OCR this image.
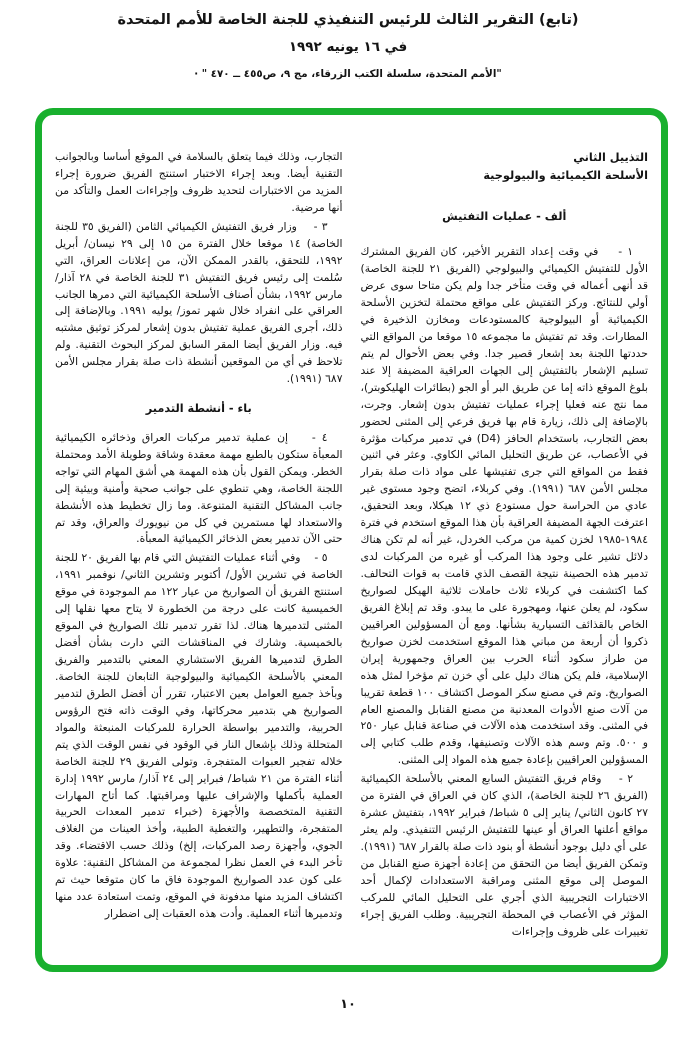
(تابع) التقرير الثالث للرئيس التنفيذي للجنة الخاصة للأمم المتحدة

في ١٦ يونيه ١٩٩٢

"الأمم المتحدة، سلسلة الكتب الزرقاء، مج ٩، ص٤٥٥ ــ ٤٧٠ " ·

التذييل الثاني

الأسلحة الكيميائية والبيولوجية

ألف - عمليات التفتيش

١ -    في وقت إعداد التقرير الأخير، كان الفريق المشترك الأول للتفتيش الكيميائي والبيولوجي (الفريق ٢١ للجنة الخاصة) قد أنهى أعماله في وقت متأخر جدا ولم يكن متاحا سوى عرض أولي للنتائج. وركز التفتيش على مواقع محتملة لتخزين الأسلحة الكيميائية أو البيولوجية كالمستودعات ومخازن الذخيرة في المطارات. وقد تم تفتيش ما مجموعه ١٥ موقعا من المواقع التي حددتها اللجنة بعد إشعار قصير جدا. وفي بعض الأحوال لم يتم تسليم الإشعار بالتفتيش إلى الجهات العراقية المضيفة إلا عند بلوغ الموقع ذاته إما عن طريق البر أو الجو (بطائرات الهليكوبتر)، مما نتج عنه فعليا إجراء عمليات تفتيش بدون إشعار. وجرت، بالإضافة إلى ذلك، زيارة قام بها فريق فرعي إلى المثنى لحضور بعض التجارب، باستخدام الحافز (D4) في تدمير مركبات مؤثرة في الأعصاب، عن طريق التحليل المائي الكاوي. وعثر في اثنين فقط من المواقع التي جرى تفتيشها على مواد ذات صلة بقرار مجلس الأمن ٦٨٧ (١٩٩١). وفي كربلاء، اتضح وجود مستوى غير عادي من الحراسة حول مستودع ذي ١٢ هيكلا، وبعد التحقيق، اعترفت الجهة المضيفة العراقية بأن هذا الموقع استخدم في فترة ١٩٨٤-١٩٨٥ لخزن كمية من مركب الخردل، غير أنه لم تكن هناك دلائل تشير على وجود هذا المركب أو غيره من المركبات لدى تدمير هذه الحصينة نتيجة القصف الذي قامت به قوات التحالف. كما اكتشفت في كربلاء ثلاث حاملات ثلاثية الهيكل لصواريخ سكود، لم يعلن عنها، ومهجورة على ما يبدو. وقد تم إبلاغ الفريق الخاص بالقذائف التسيارية بشأنها. ومع أن المسؤولين العراقيين ذكروا أن أربعة من مباني هذا الموقع استخدمت لخزن صواريخ من طراز سكود أثناء الحرب بين العراق وجمهورية إيران الإسلامية، فلم يكن هناك دليل على أي خزن تم مؤخرا لمثل هذه الصواريخ. وتم في مصنع سكر الموصل اكتشاف ١٠٠ قطعة تقريبا من آلات صنع الأدوات المعدنية من مصنع القنابل والمصنع العام في المثنى. وقد استخدمت هذه الآلات في صناعة قنابل عيار ٢٥٠ و ٥٠٠. وتم وسم هذه الآلات وتصنيفها، وقدم طلب كتابي إلى المسؤولين العراقيين بإعادة جميع هذه المواد إلى المثنى.

٢ -    وقام فريق التفتيش السابع المعني بالأسلحة الكيميائية (الفريق ٢٦ للجنة الخاصة)، الذي كان في العراق في الفترة من ٢٧ كانون الثاني/ يناير إلى ٥ شباط/ فبراير ١٩٩٢، بتفتيش عشرة مواقع أعلنها العراق أو عينها للتفتيش الرئيس التنفيذي. ولم يعثر على أي دليل بوجود أنشطة أو بنود ذات صلة بالقرار ٦٨٧ (١٩٩١). وتمكن الفريق أيضا من التحقق من إعادة أجهزة صنع القنابل من الموصل إلى موقع المثنى ومراقبة الاستعدادات لإكمال أحد الاختبارات التجريبية الذي أجري على التحليل المائي للمركب المؤثر في الأعصاب في المحطة التجريبية. وطلب الفريق إجراء تغييرات على ظروف وإجراءات

التجارب، وذلك فيما يتعلق بالسلامة في الموقع أساسا وبالجوانب التقنية أيضا. وبعد إجراء الاختبار استنتج الفريق ضرورة إجراء المزيد من الاختبارات لتحديد ظروف وإجراءات العمل والتأكد من أنها مرضية.

٣ -    وزار فريق التفتيش الكيميائي الثامن (الفريق ٣٥ للجنة الخاصة) ١٤ موقعا خلال الفترة من ١٥ إلى ٢٩ نيسان/ أبريل ١٩٩٢، للتحقق، بالقدر الممكن الآن، من إعلانات العراق، التي سُلمت إلى رئيس فريق التفتيش ٣١ للجنة الخاصة في ٢٨ آذار/ مارس ١٩٩٢، بشأن أصناف الأسلحة الكيميائية التي دمرها الجانب العراقي على انفراد خلال شهر تموز/ يوليه ١٩٩١. وبالإضافة إلى ذلك، أجرى الفريق عملية تفتيش بدون إشعار لمركز توثيق مشتبه فيه. وزار الفريق أيضا المقر السابق لمركز البحوث التقنية. ولم تلاحظ في أي من الموقعين أنشطة ذات صلة بقرار مجلس الأمن ٦٨٧ (١٩٩١).

باء - أنشطة التدمير

٤ -    إن عملية تدمير مركبات العراق وذخائره الكيميائية المعبأة ستكون بالطبع مهمة معقدة وشاقة وطويلة الأمد ومحتملة الخطر. ويمكن القول بأن هذه المهمة هي أشق المهام التي تواجه اللجنة الخاصة، وهي تنطوي على جوانب صحية وأمنية وبيئية إلى جانب المشاكل التقنية المتنوعة. وما زال تخطيط هذه الأنشطة والاستعداد لها مستمرين في كل من نيويورك والعراق، وقد تم حتى الآن تدمير بعض الذخائر الكيميائية المعبأة.

٥ -    وفي أثناء عمليات التفتيش التي قام بها الفريق ٢٠ للجنة الخاصة في تشرين الأول/ أكتوبر وتشرين الثاني/ نوفمبر ١٩٩١، استنتج الفريق أن الصواريخ من عيار ١٢٢ مم الموجودة في موقع الخميسية كانت على درجة من الخطورة لا يتاح معها نقلها إلى المثنى لتدميرها هناك. لذا تقرر تدمير تلك الصواريخ في الموقع بالخميسية. وشارك في المناقشات التي دارت بشأن أفضل الطرق لتدميرها الفريق الاستشاري المعني بالتدمير والفريق المعني بالأسلحة الكيميائية والبيولوجية التابعان للجنة الخاصة. وبأخذ جميع العوامل بعين الاعتبار، تقرر أن أفضل الطرق لتدمير الصواريخ هي بتدمير محركاتها، وفي الوقت ذاته فتح الرؤوس الحربية، والتدمير بواسطة الحرارة للمركبات المنبعثة والمواد المتحللة وذلك بإشعال النار في الوقود في نفس الوقت الذي يتم خلاله تفجير العبوات المتفجرة. وتولى الفريق ٢٩ للجنة الخاصة أثناء الفترة من ٢١ شباط/ فبراير إلى ٢٤ آذار/ مارس ١٩٩٢ إدارة العملية بأكملها والإشراف عليها ومراقبتها. كما أتاح المهارات التقنية المتخصصة والأجهزة (خبراء تدمير المعدات الحربية المتفجرة، والتطهير، والتغطية الطبية، وأخذ العينات من الغلاف الجوي، وأجهزة رصد المركبات، إلخ) وذلك حسب الاقتضاء. وقد تأخر البدء في العمل نظرا لمجموعة من المشاكل التقنية: علاوة على كون عدد الصواريخ الموجودة فاق ما كان متوقعا حيث تم اكتشاف المزيد منها مدفونة في الموقع، وتمت استعادة عدد منها وتدميرها أثناء العملية. وأدت هذه العقبات إلى اضطرار

١٠
